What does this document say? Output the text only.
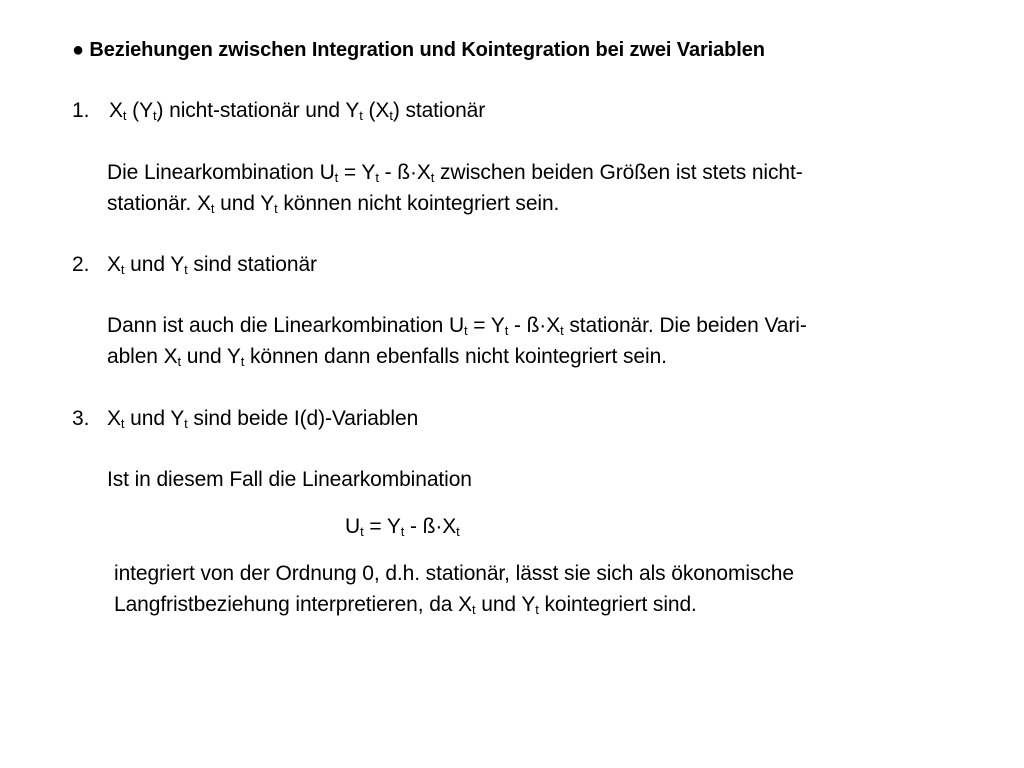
● Beziehungen zwischen Integration und Kointegration bei zwei Variablen
1. $X_t$ $(Y_t)$ nicht-stationär und $Y_t$ $(X_t)$ stationär
Die Linearkombination $U_t = Y_t$ - $ß\cdot X_t$ zwischen beiden Größen ist stets nicht-
stationär. $X_t$ und $Y_t$ können nicht kointegriert sein.
2. $X_t$ und $Y_t$ sind stationär
Dann ist auch die Linearkombination $U_t = Y_t$ - $ß\cdot X_t$ stationär. Die beiden Vari-
ablen $X_t$ und $Y_t$ können dann ebenfalls nicht kointegriert sein.
3. $X_t$ und $Y_t$ sind beide I(d)-Variablen
Ist in diesem Fall die Linearkombination
$U_t = Y_t$ - $ß\cdot X_t$
integriert von der Ordnung 0, d.h. stationär, lässt sie sich als ökonomische
Langfristbeziehung interpretieren, da $X_t$ und $Y_t$ kointegriert sind.
